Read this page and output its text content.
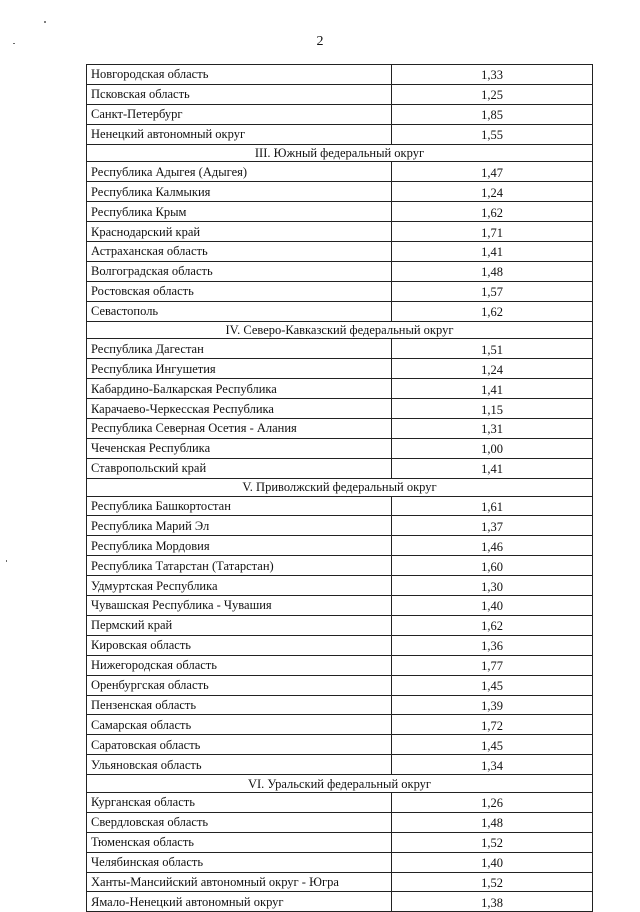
2
Новгородская область	1,33
Псковская область	1,25
Санкт-Петербург	1,85
Ненецкий автономный округ	1,55
III. Южный федеральный округ	
Республика Адыгея (Адыгея)	1,47
Республика Калмыкия	1,24
Республика Крым	1,62
Краснодарский край	1,71
Астраханская область	1,41
Волгоградская область	1,48
Ростовская область	1,57
Севастополь	1,62
IV. Северо-Кавказский федеральный округ	
Республика Дагестан	1,51
Республика Ингушетия	1,24
Кабардино-Балкарская Республика	1,41
Карачаево-Черкесская Республика	1,15
Республика Северная Осетия - Алания	1,31
Чеченская Республика	1,00
Ставропольский край	1,41
V. Приволжский федеральный округ	
Республика Башкортостан	1,61
Республика Марий Эл	1,37
Республика Мордовия	1,46
Республика Татарстан (Татарстан)	1,60
Удмуртская Республика	1,30
Чувашская Республика - Чувашия	1,40
Пермский край	1,62
Кировская область	1,36
Нижегородская область	1,77
Оренбургская область	1,45
Пензенская область	1,39
Самарская область	1,72
Саратовская область	1,45
Ульяновская область	1,34
VI. Уральский федеральный округ	
Курганская область	1,26
Свердловская область	1,48
Тюменская область	1,52
Челябинская область	1,40
Ханты-Мансийский автономный округ - Югра	1,52
Ямало-Ненецкий автономный округ	1,38
